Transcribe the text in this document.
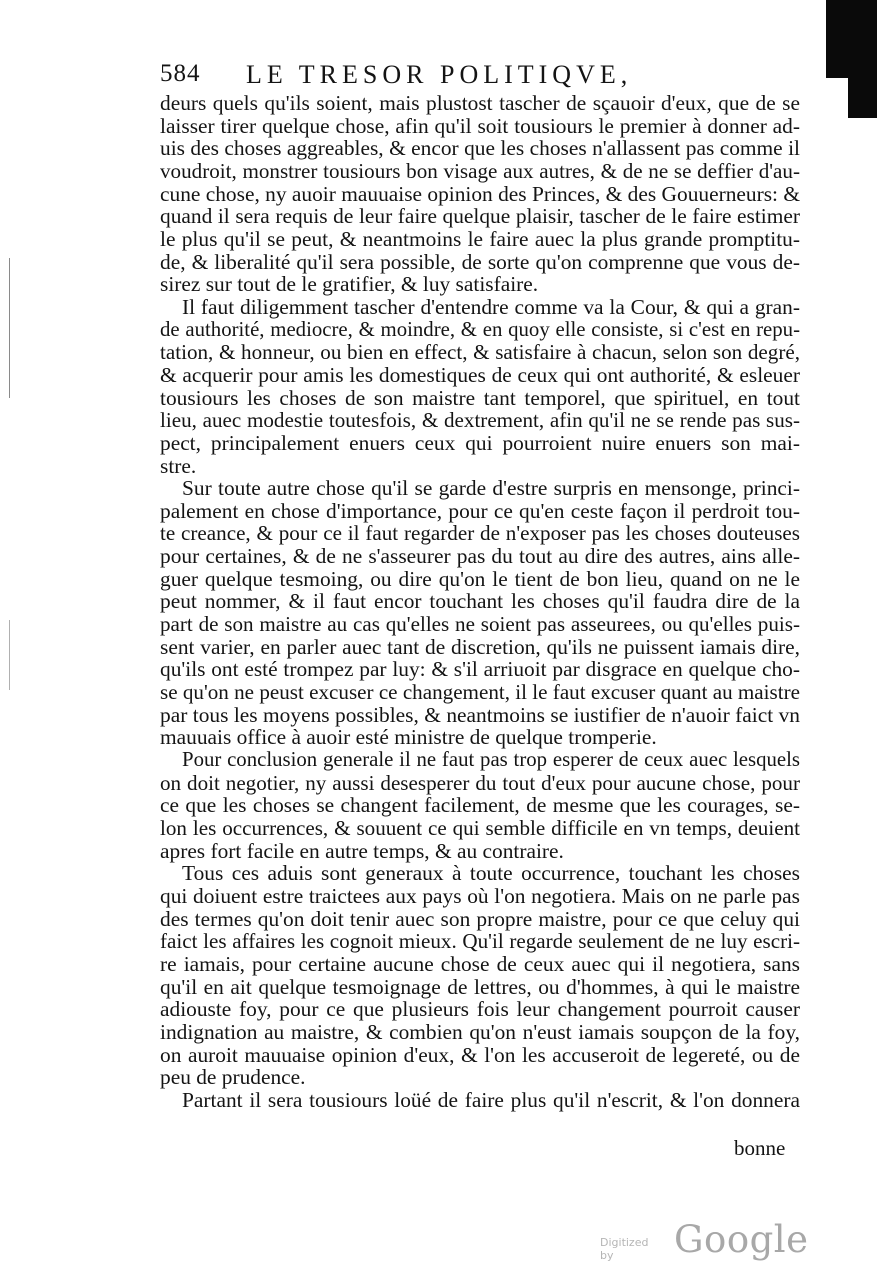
584 LE TRESOR POLITIQVE,
deurs quels qu'ils soient, mais plustost tascher de sçauoir d'eux, que de se
laisser tirer quelque chose, afin qu'il soit tousiours le premier à donner ad-
uis des choses aggreables, & encor que les choses n'allassent pas comme il
voudroit, monstrer tousiours bon visage aux autres, & de ne se deffier d'au-
cune chose, ny auoir mauuaise opinion des Princes, & des Gouuerneurs: &
quand il sera requis de leur faire quelque plaisir, tascher de le faire estimer
le plus qu'il se peut, & neantmoins le faire auec la plus grande promptitu-
de, & liberalité qu'il sera possible, de sorte qu'on comprenne que vous de-
sirez sur tout de le gratifier, & luy satisfaire.
Il faut diligemment tascher d'entendre comme va la Cour, & qui a gran-
de authorité, mediocre, & moindre, & en quoy elle consiste, si c'est en repu-
tation, & honneur, ou bien en effect, & satisfaire à chacun, selon son degré,
& acquerir pour amis les domestiques de ceux qui ont authorité, & esleuer
tousiours les choses de son maistre tant temporel, que spirituel, en tout
lieu, auec modestie toutesfois, & dextrement, afin qu'il ne se rende pas sus-
pect, principalement enuers ceux qui pourroient nuire enuers son mai-
stre.
Sur toute autre chose qu'il se garde d'estre surpris en mensonge, princi-
palement en chose d'importance, pour ce qu'en ceste façon il perdroit tou-
te creance, & pour ce il faut regarder de n'exposer pas les choses douteuses
pour certaines, & de ne s'asseurer pas du tout au dire des autres, ains alle-
guer quelque tesmoing, ou dire qu'on le tient de bon lieu, quand on ne le
peut nommer, & il faut encor touchant les choses qu'il faudra dire de la
part de son maistre au cas qu'elles ne soient pas asseurees, ou qu'elles puis-
sent varier, en parler auec tant de discretion, qu'ils ne puissent iamais dire,
qu'ils ont esté trompez par luy: & s'il arriuoit par disgrace en quelque cho-
se qu'on ne peust excuser ce changement, il le faut excuser quant au maistre
par tous les moyens possibles, & neantmoins se iustifier de n'auoir faict vn
mauuais office à auoir esté ministre de quelque tromperie.
Pour conclusion generale il ne faut pas trop esperer de ceux auec lesquels
on doit negotier, ny aussi desesperer du tout d'eux pour aucune chose, pour
ce que les choses se changent facilement, de mesme que les courages, se-
lon les occurrences, & souuent ce qui semble difficile en vn temps, deuient
apres fort facile en autre temps, & au contraire.
Tous ces aduis sont generaux à toute occurrence, touchant les choses
qui doiuent estre traictees aux pays où l'on negotiera. Mais on ne parle pas
des termes qu'on doit tenir auec son propre maistre, pour ce que celuy qui
faict les affaires les cognoit mieux. Qu'il regarde seulement de ne luy escri-
re iamais, pour certaine aucune chose de ceux auec qui il negotiera, sans
qu'il en ait quelque tesmoignage de lettres, ou d'hommes, à qui le maistre
adiouste foy, pour ce que plusieurs fois leur changement pourroit causer
indignation au maistre, & combien qu'on n'eust iamais soupçon de la foy,
on auroit mauuaise opinion d'eux, & l'on les accuseroit de legereté, ou de
peu de prudence.
Partant il sera tousiours loüé de faire plus qu'il n'escrit, & l'on donnera
bonne
Digitized by	Google
